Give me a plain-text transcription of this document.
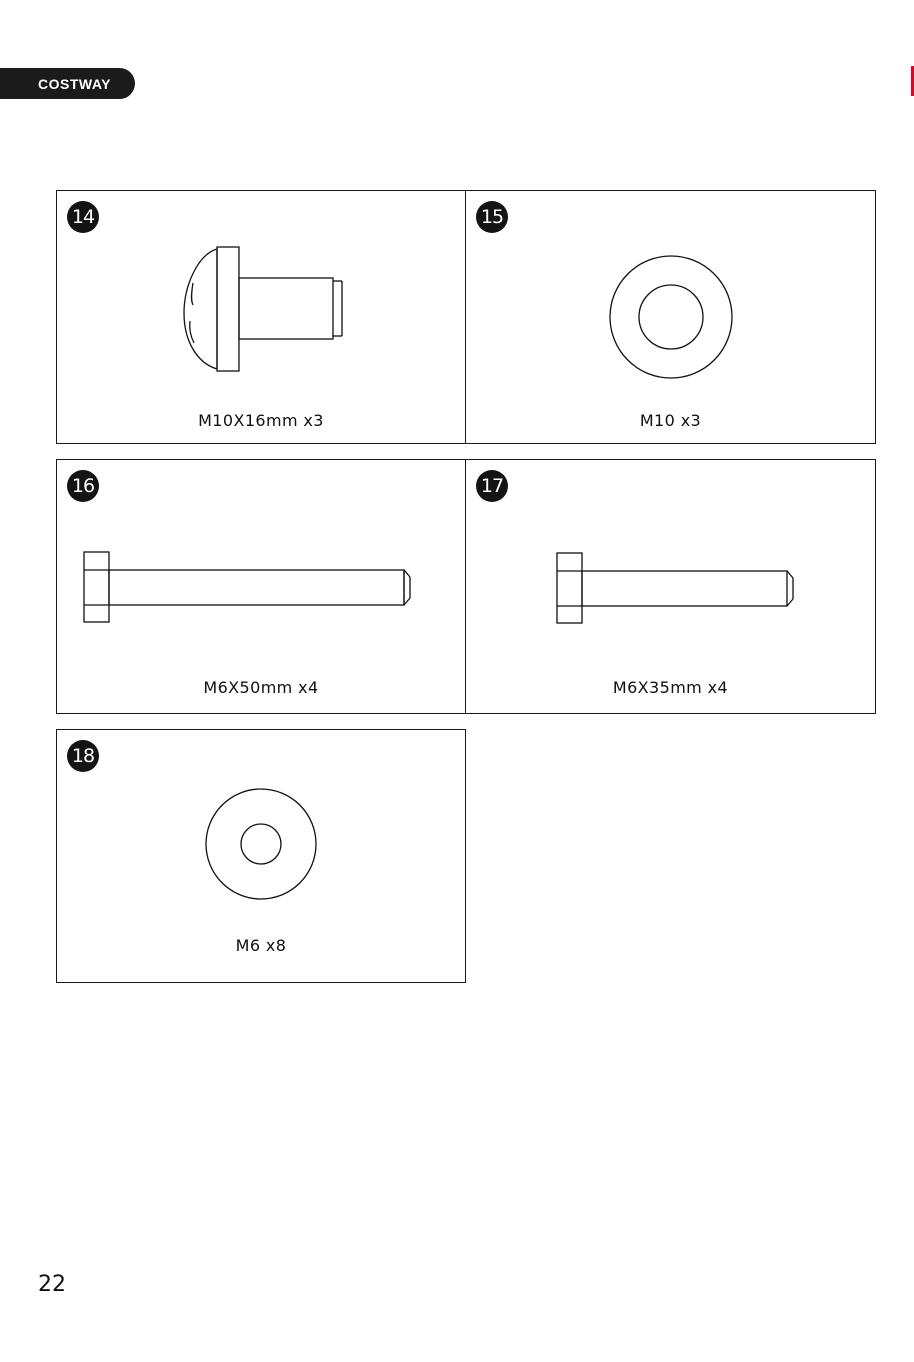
COSTWAY
14
M10X16mm x3
15
M10 x3
16
M6X50mm x4
17
M6X35mm x4
18
M6 x8
22
